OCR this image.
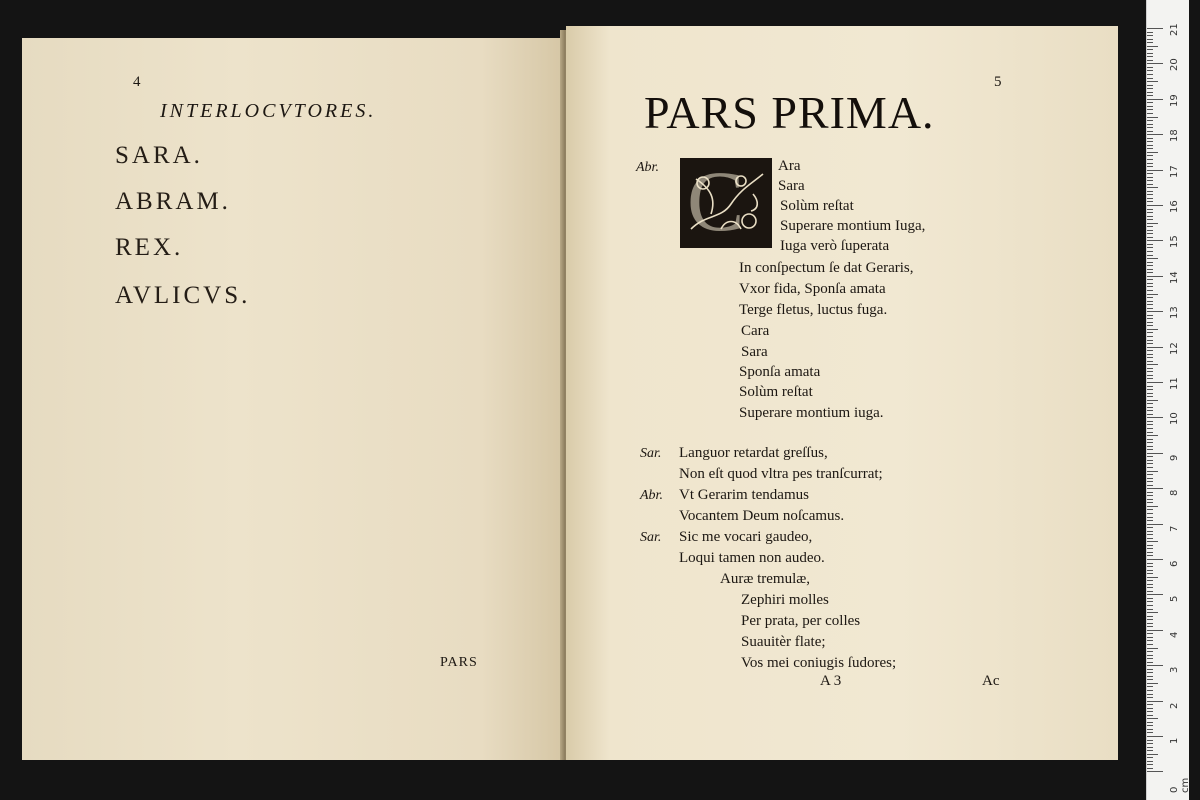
4

INTERLOCVTORES.

SARA.

ABRAM.

REX.

AVLICVS.

PARS

5

PARS PRIMA.

C

Abr.

Sar.

Abr.

Sar.

Ara

Sara

Solùm reſtat

Superare montium Iuga,

Iuga verò ſuperata

In conſpectum ſe dat Geraris,

Vxor fida, Sponſa amata

Terge fletus, luctus fuga.

Cara

Sara

Sponſa amata

Solùm reſtat

Superare montium iuga.

Languor retardat greſſus,

Non eſt quod vltra pes tranſcurrat;

Vt Gerarim tendamus

Vocantem Deum noſcamus.

Sic me vocari gaudeo,

Loqui tamen non audeo.

Auræ tremulæ,

Zephiri molles

Per prata, per colles

Suauitèr flate;

Vos mei coniugis ſudores;

A 3	Ac

21
20
19
18
17
16
15
14
13
12
11
10
9
8
7
6
5
4
3
2
1
0 cm
